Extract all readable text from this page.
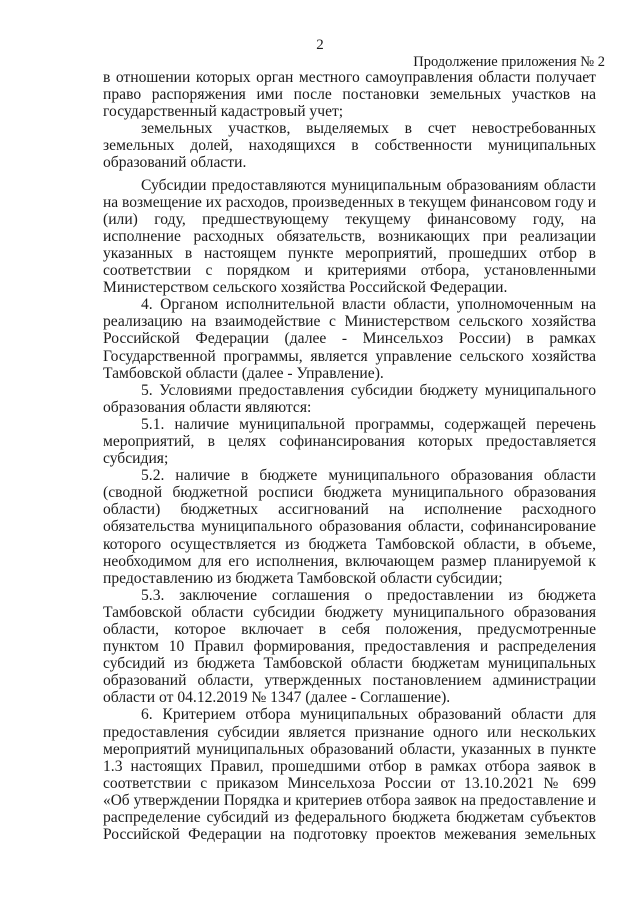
2
Продолжение приложения № 2
в отношении которых орган местного самоуправления области получает
право распоряжения ими после постановки земельных участков на
государственный кадастровый учет;
земельных участков, выделяемых в счет невостребованных
земельных долей, находящихся в собственности муниципальных
образований области.
Субсидии предоставляются муниципальным образованиям области
на возмещение их расходов, произведенных в текущем финансовом году и
(или) году, предшествующему текущему финансовому году, на
исполнение расходных обязательств, возникающих при реализации
указанных в настоящем пункте мероприятий, прошедших отбор в
соответствии с порядком и критериями отбора, установленными
Министерством сельского хозяйства Российской Федерации.
4. Органом исполнительной власти области, уполномоченным на
реализацию на взаимодействие с Министерством сельского хозяйства
Российской Федерации (далее - Минсельхоз России) в рамках
Государственной программы, является управление сельского хозяйства
Тамбовской области (далее - Управление).
5. Условиями предоставления субсидии бюджету муниципального
образования области являются:
5.1. наличие муниципальной программы, содержащей перечень
мероприятий, в целях софинансирования которых предоставляется
субсидия;
5.2. наличие в бюджете муниципального образования области
(сводной бюджетной росписи бюджета муниципального образования
области) бюджетных ассигнований на исполнение расходного
обязательства муниципального образования области, софинансирование
которого осуществляется из бюджета Тамбовской области, в объеме,
необходимом для его исполнения, включающем размер планируемой к
предоставлению из бюджета Тамбовской области субсидии;
5.3. заключение соглашения о предоставлении из бюджета
Тамбовской области субсидии бюджету муниципального образования
области, которое включает в себя положения, предусмотренные
пунктом 10 Правил формирования, предоставления и распределения
субсидий из бюджета Тамбовской области бюджетам муниципальных
образований области, утвержденных постановлением администрации
области от 04.12.2019 № 1347 (далее - Соглашение).
6. Критерием отбора муниципальных образований области для
предоставления субсидии является признание одного или нескольких
мероприятий муниципальных образований области, указанных в пункте
1.3 настоящих Правил, прошедшими отбор в рамках отбора заявок в
соответствии с приказом Минсельхоза России от 13.10.2021 № 699
«Об утверждении Порядка и критериев отбора заявок на предоставление и
распределение субсидий из федерального бюджета бюджетам субъектов
Российской Федерации на подготовку проектов межевания земельных
